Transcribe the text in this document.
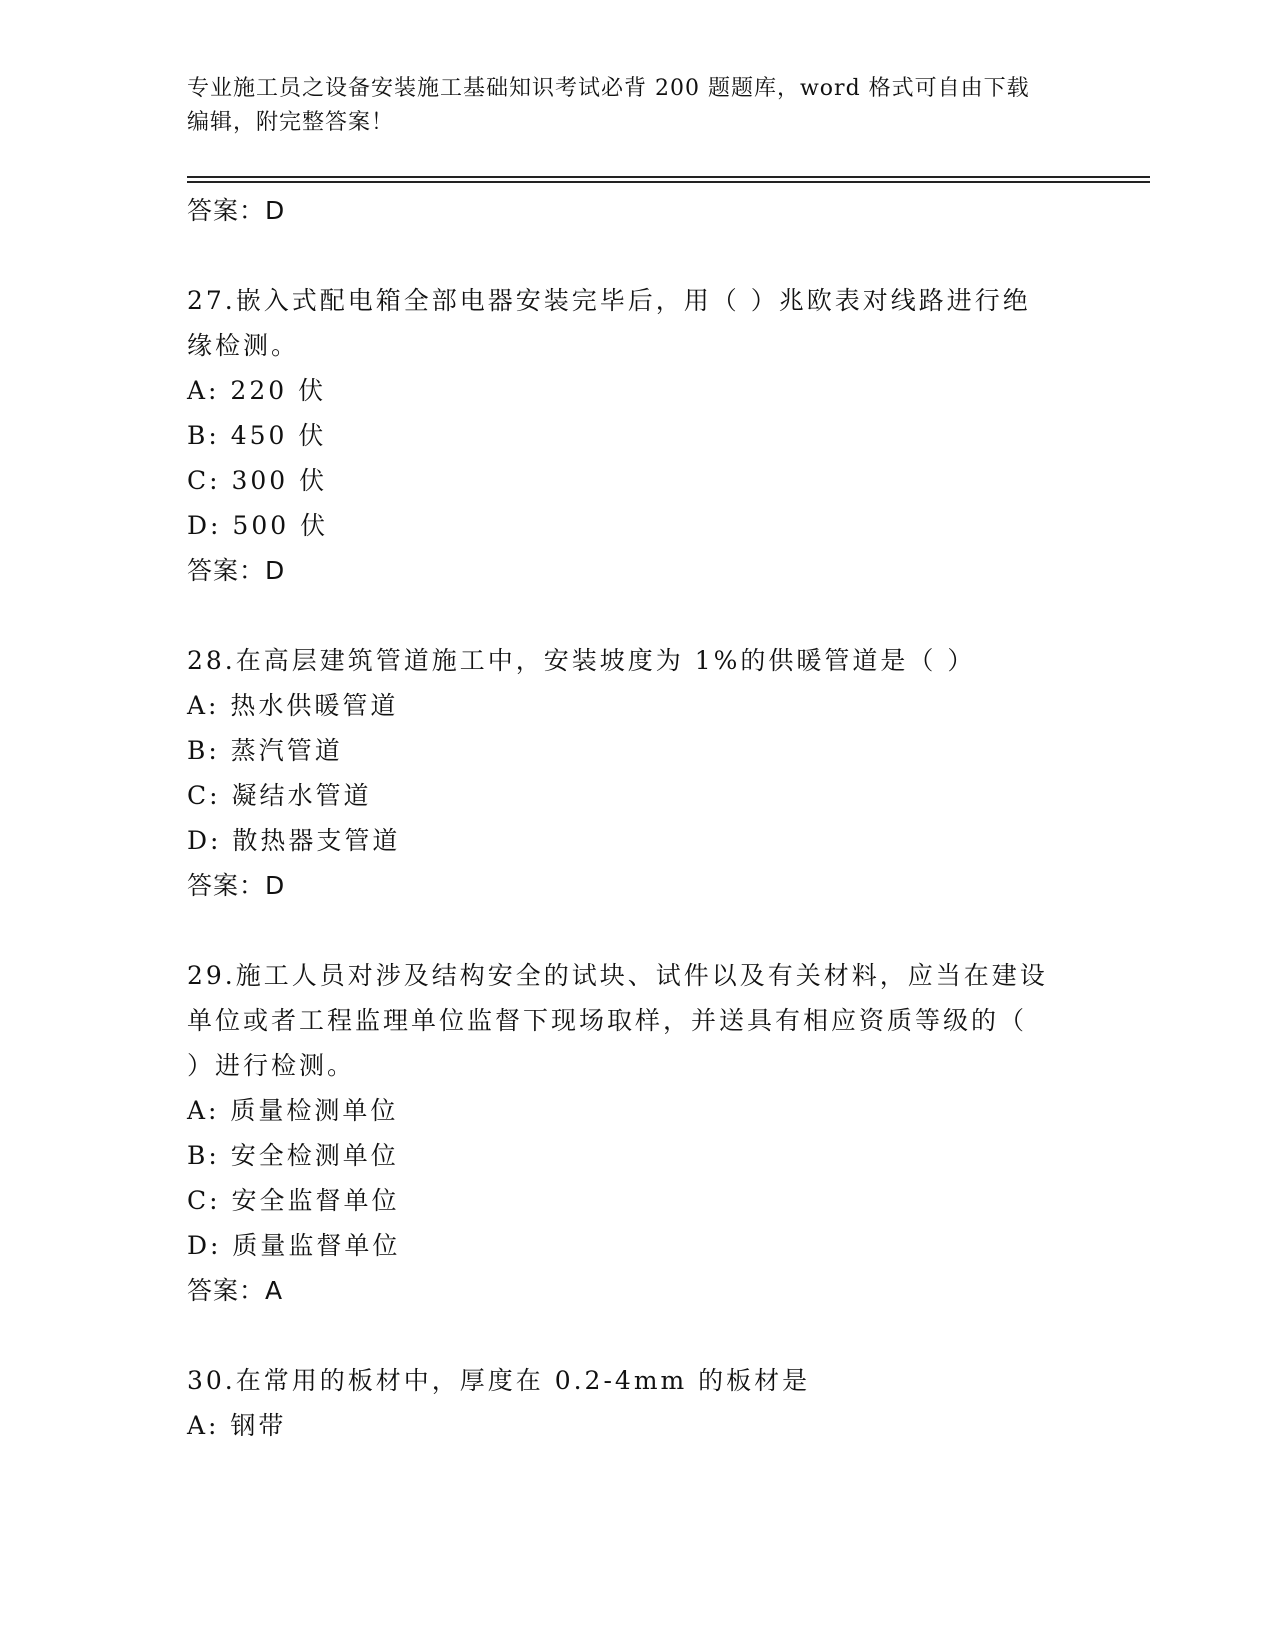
专业施工员之设备安装施工基础知识考试必背 200 题题库，word 格式可自由下载
编辑，附完整答案！
答案：D
27.嵌入式配电箱全部电器安装完毕后，用（ ）兆欧表对线路进行绝
缘检测。
A: 220 伏
B: 450 伏
C: 300 伏
D: 500 伏
答案：D
28.在高层建筑管道施工中，安装坡度为 1%的供暖管道是（ ）
A: 热水供暖管道
B: 蒸汽管道
C: 凝结水管道
D: 散热器支管道
答案：D
29.施工人员对涉及结构安全的试块、试件以及有关材料，应当在建设
单位或者工程监理单位监督下现场取样，并送具有相应资质等级的（
）进行检测。
A: 质量检测单位
B: 安全检测单位
C: 安全监督单位
D: 质量监督单位
答案：A
30.在常用的板材中，厚度在 0.2-4mm 的板材是
A: 钢带
